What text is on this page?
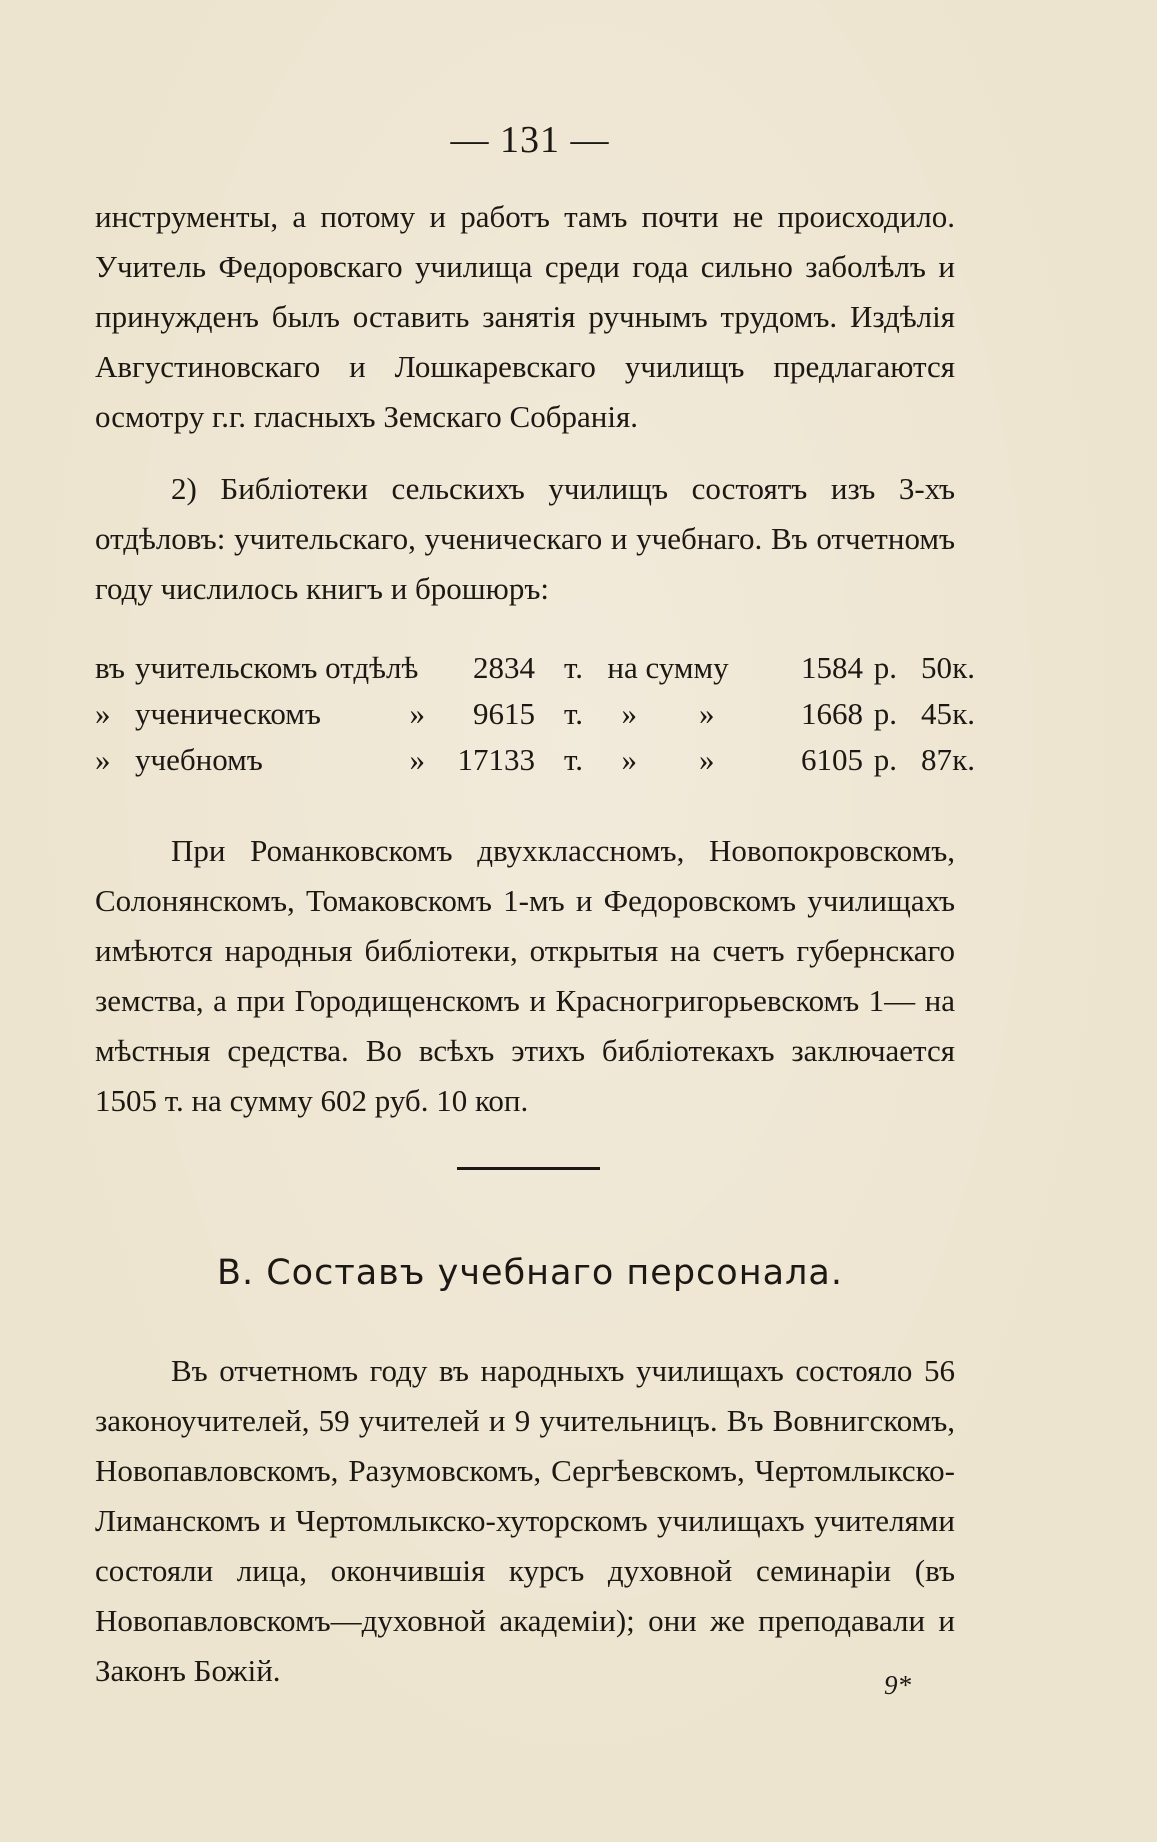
— 131 —

инструменты, а потому и работъ тамъ почти не происходило. Учитель Федоровскаго училища среди года сильно заболѣлъ и принужденъ былъ оставить занятія ручнымъ трудомъ. Издѣлія Августиновскаго и Лошкаревскаго училищъ предлагаются осмотру г.г. гласныхъ Земскаго Собранія.

2) Библіотеки сельскихъ училищъ состоятъ изъ 3-хъ отдѣловъ: учительскаго, ученическаго и учебнаго. Въ отчетномъ году числилось книгъ и брошюръ:

въ учительскомъ отдѣлѣ	2834	т.	на сумму	1584	р.	50	к.
» ученическомъ »	9615	т.	»        »	1668	р.	45	к.
» учебномъ »	17133	т.	»        »	6105	р.	87	к.

При Романковскомъ двухклассномъ, Новопокровскомъ, Солонянскомъ, Томаковскомъ 1-мъ и Федоровскомъ училищахъ имѣются народныя библіотеки, открытыя на счетъ губернскаго земства, а при Городищенскомъ и Красногригорьевскомъ 1— на мѣстныя средства. Во всѣхъ этихъ библіотекахъ заключается 1505 т. на сумму 602 руб. 10 коп.

В. Составъ учебнаго персонала.

Въ отчетномъ году въ народныхъ училищахъ состояло 56 законоучителей, 59 учителей и 9 учительницъ. Въ Вовнигскомъ, Новопавловскомъ, Разумовскомъ, Сергѣевскомъ, Чертомлыкско-Лиманскомъ и Чертомлыкско-хуторскомъ училищахъ учителями состояли лица, окончившія курсъ духовной семинаріи (въ Новопавловскомъ—духовной академіи); они же преподавали и Законъ Божій.	9*
